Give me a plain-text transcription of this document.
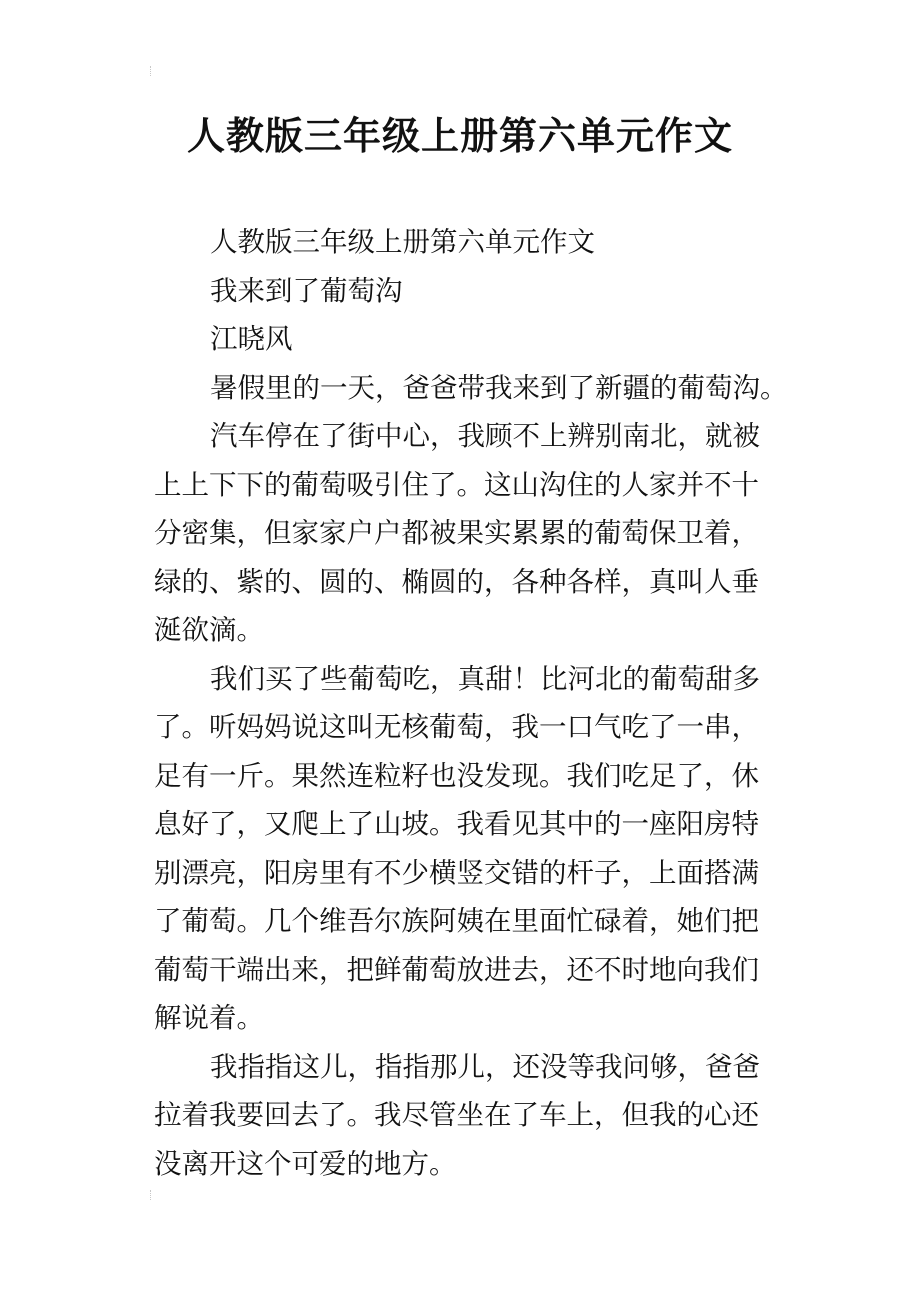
人教版三年级上册第六单元作文
人教版三年级上册第六单元作文
我来到了葡萄沟
江晓风
暑假里的一天，爸爸带我来到了新疆的葡萄沟。
汽车停在了街中心，我顾不上辨别南北，就被
上上下下的葡萄吸引住了。这山沟住的人家并不十
分密集，但家家户户都被果实累累的葡萄保卫着，
绿的、紫的、圆的、椭圆的，各种各样，真叫人垂
涎欲滴。
我们买了些葡萄吃，真甜！比河北的葡萄甜多
了。听妈妈说这叫无核葡萄，我一口气吃了一串，
足有一斤。果然连粒籽也没发现。我们吃足了，休
息好了，又爬上了山坡。我看见其中的一座阳房特
别漂亮，阳房里有不少横竖交错的杆子，上面搭满
了葡萄。几个维吾尔族阿姨在里面忙碌着，她们把
葡萄干端出来，把鲜葡萄放进去，还不时地向我们
解说着。
我指指这儿，指指那儿，还没等我问够，爸爸
拉着我要回去了。我尽管坐在了车上，但我的心还
没离开这个可爱的地方。
